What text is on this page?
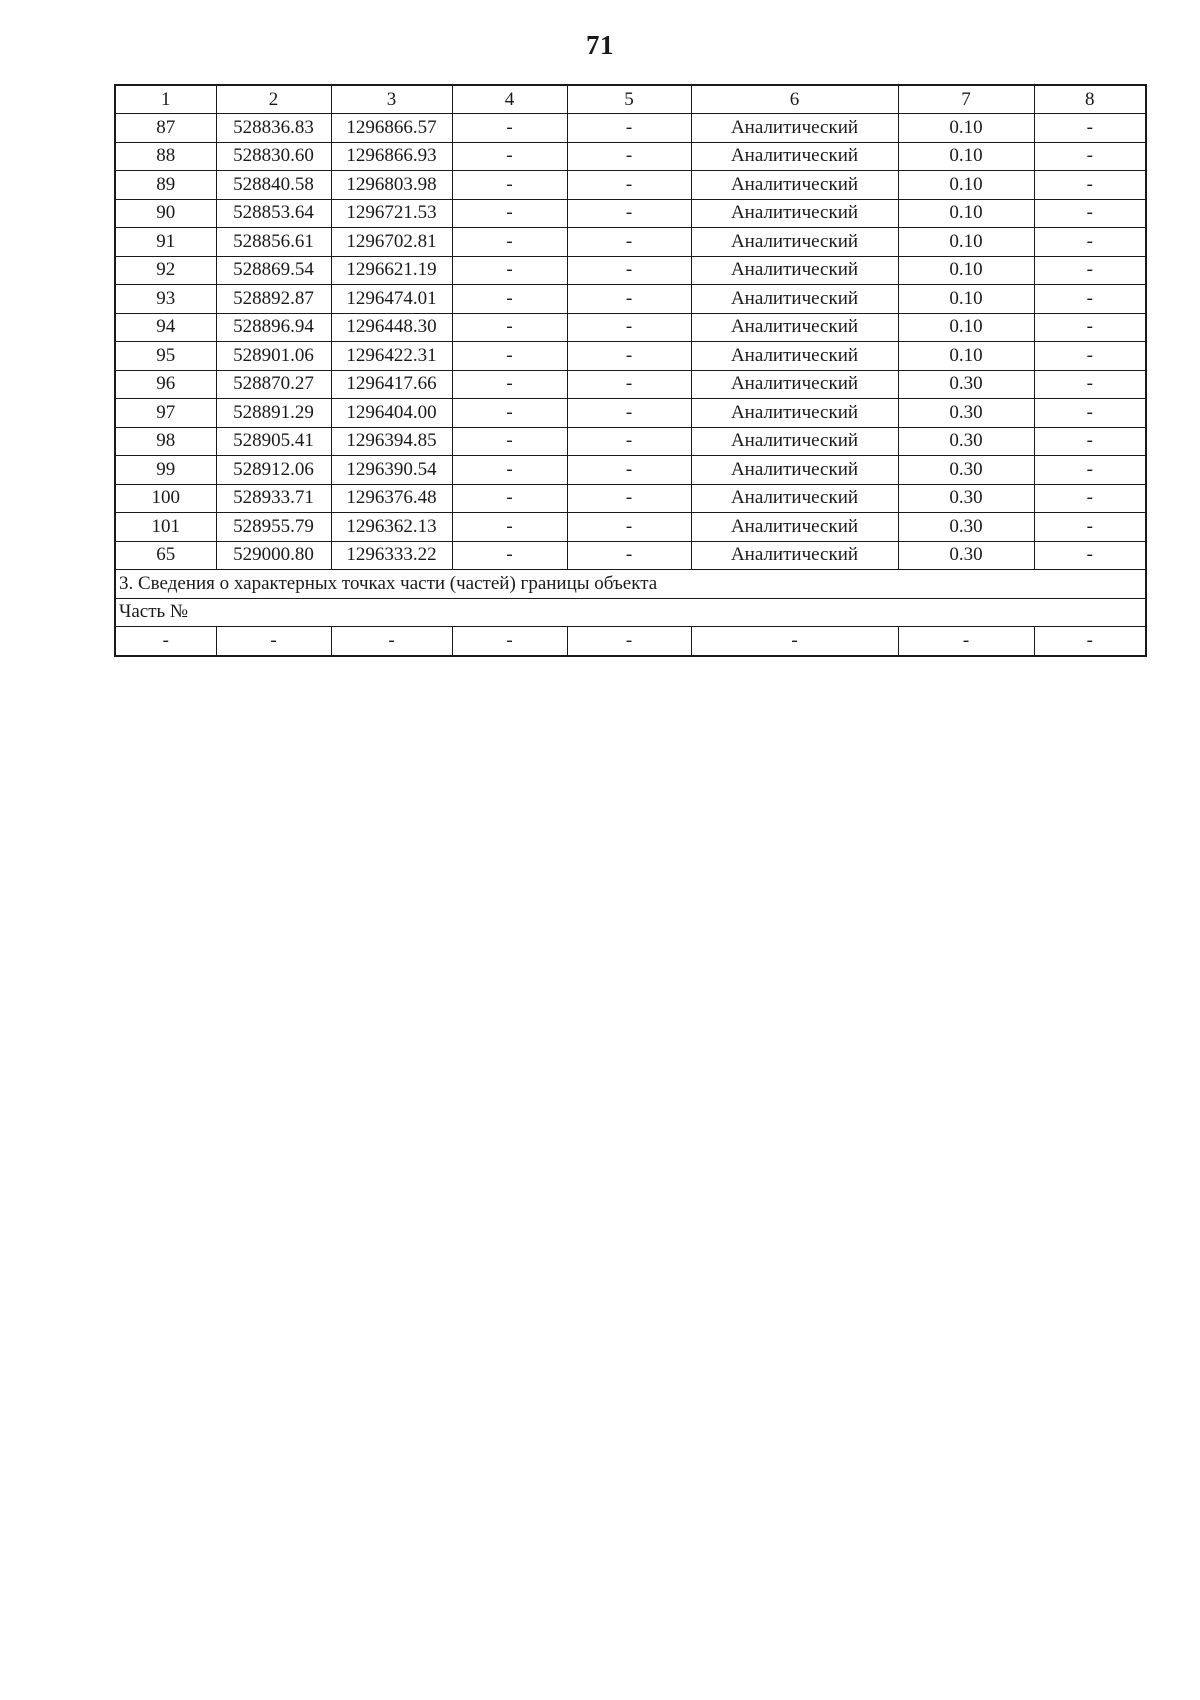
71
1	2	3	4	5	6	7	8
87	528836.83	1296866.57	-	-	Аналитический	0.10	-
88	528830.60	1296866.93	-	-	Аналитический	0.10	-
89	528840.58	1296803.98	-	-	Аналитический	0.10	-
90	528853.64	1296721.53	-	-	Аналитический	0.10	-
91	528856.61	1296702.81	-	-	Аналитический	0.10	-
92	528869.54	1296621.19	-	-	Аналитический	0.10	-
93	528892.87	1296474.01	-	-	Аналитический	0.10	-
94	528896.94	1296448.30	-	-	Аналитический	0.10	-
95	528901.06	1296422.31	-	-	Аналитический	0.10	-
96	528870.27	1296417.66	-	-	Аналитический	0.30	-
97	528891.29	1296404.00	-	-	Аналитический	0.30	-
98	528905.41	1296394.85	-	-	Аналитический	0.30	-
99	528912.06	1296390.54	-	-	Аналитический	0.30	-
100	528933.71	1296376.48	-	-	Аналитический	0.30	-
101	528955.79	1296362.13	-	-	Аналитический	0.30	-
65	529000.80	1296333.22	-	-	Аналитический	0.30	-
3. Сведения о характерных точках части (частей) границы объекта							
Часть №							
-	-	-	-	-	-	-	-
